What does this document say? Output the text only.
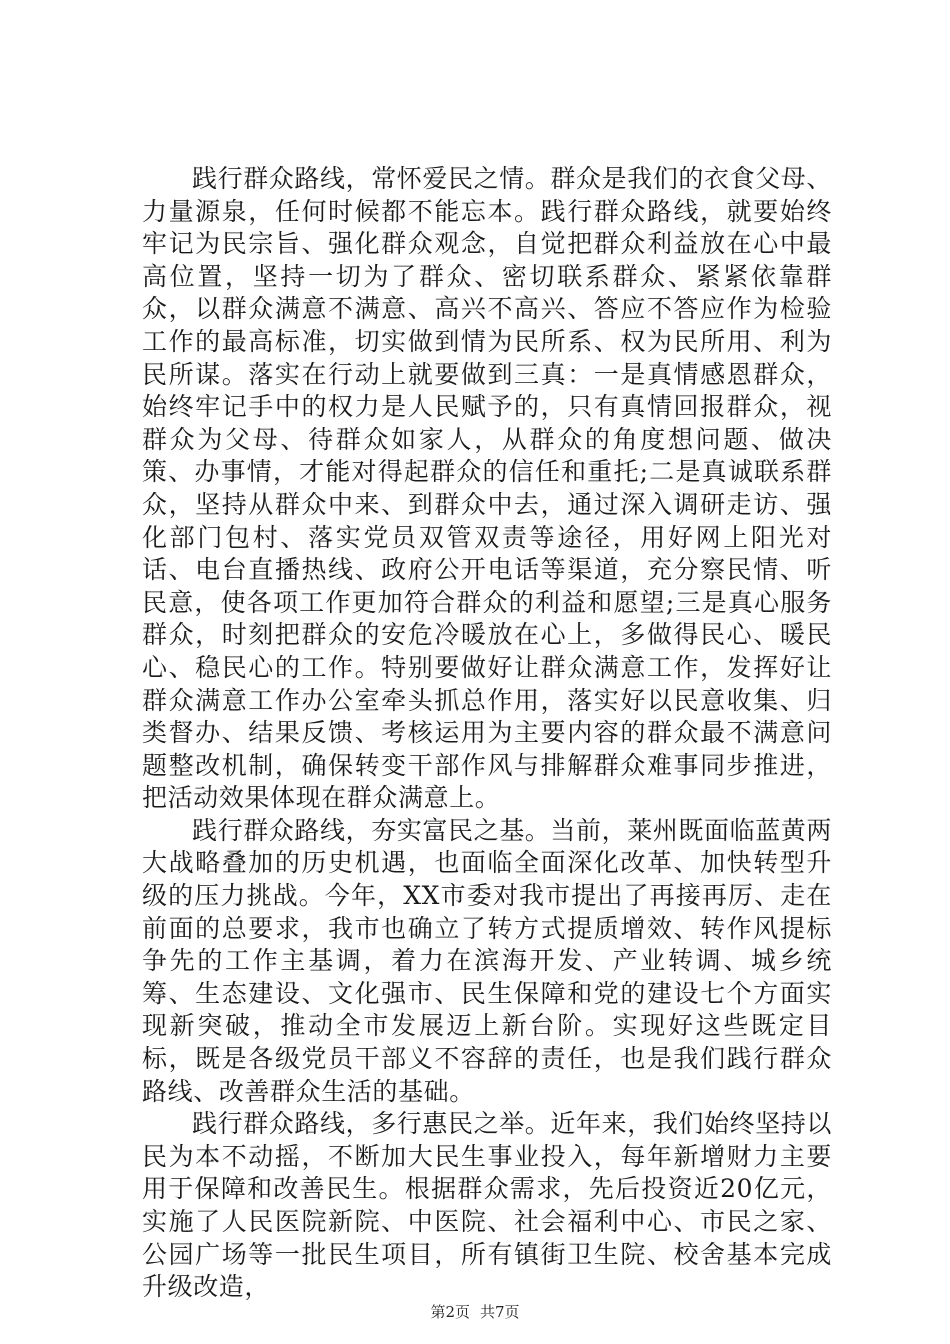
践行群众路线，常怀爱民之情。群众是我们的衣食父母、力量源泉，任何时候都不能忘本。践行群众路线，就要始终牢记为民宗旨、强化群众观念，自觉把群众利益放在心中最高位置，坚持一切为了群众、密切联系群众、紧紧依靠群众，以群众满意不满意、高兴不高兴、答应不答应作为检验工作的最高标准，切实做到情为民所系、权为民所用、利为民所谋。落实在行动上就要做到三真：一是真情感恩群众，始终牢记手中的权力是人民赋予的，只有真情回报群众，视群众为父母、待群众如家人，从群众的角度想问题、做决策、办事情，才能对得起群众的信任和重托;二是真诚联系群众，坚持从群众中来、到群众中去，通过深入调研走访、强化部门包村、落实党员双管双责等途径，用好网上阳光对话、电台直播热线、政府公开电话等渠道，充分察民情、听民意，使各项工作更加符合群众的利益和愿望;三是真心服务群众，时刻把群众的安危冷暖放在心上，多做得民心、暖民心、稳民心的工作。特别要做好让群众满意工作，发挥好让群众满意工作办公室牵头抓总作用，落实好以民意收集、归类督办、结果反馈、考核运用为主要内容的群众最不满意问题整改机制，确保转变干部作风与排解群众难事同步推进，把活动效果体现在群众满意上。

践行群众路线，夯实富民之基。当前，莱州既面临蓝黄两大战略叠加的历史机遇，也面临全面深化改革、加快转型升级的压力挑战。今年，XX市委对我市提出了再接再厉、走在前面的总要求，我市也确立了转方式提质增效、转作风提标争先的工作主基调，着力在滨海开发、产业转调、城乡统筹、生态建设、文化强市、民生保障和党的建设七个方面实现新突破，推动全市发展迈上新台阶。实现好这些既定目标，既是各级党员干部义不容辞的责任，也是我们践行群众路线、改善群众生活的基础。

践行群众路线，多行惠民之举。近年来，我们始终坚持以民为本不动摇，不断加大民生事业投入，每年新增财力主要用于保障和改善民生。根据群众需求，先后投资近20亿元，实施了人民医院新院、中医院、社会福利中心、市民之家、公园广场等一批民生项目，所有镇街卫生院、校舍基本完成升级改造，

第2页 共7页
